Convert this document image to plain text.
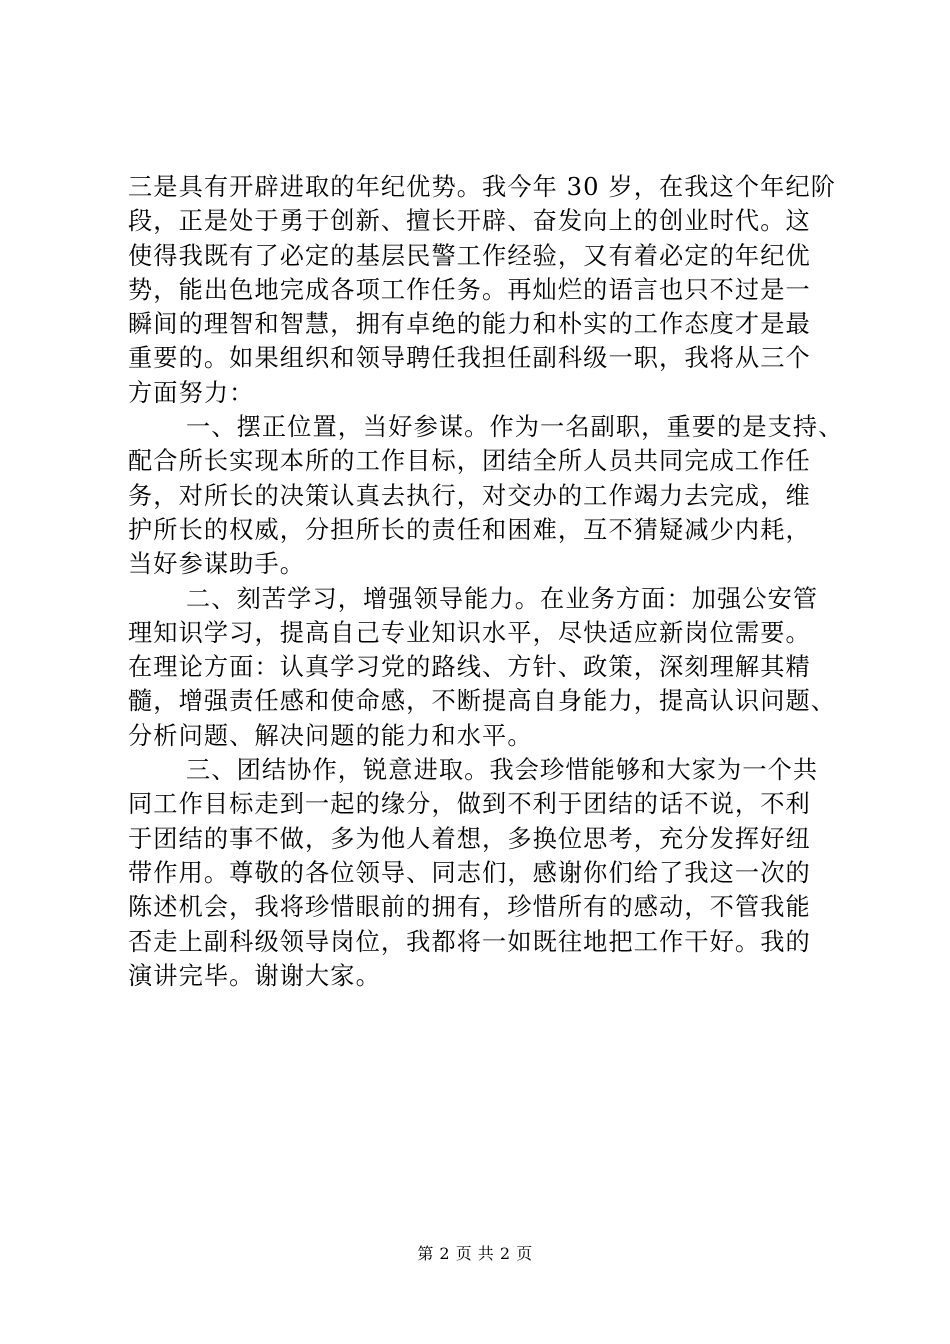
三是具有开辟进取的年纪优势。我今年 30 岁，在我这个年纪阶
段，正是处于勇于创新、擅长开辟、奋发向上的创业时代。这
使得我既有了必定的基层民警工作经验，又有着必定的年纪优
势，能出色地完成各项工作任务。再灿烂的语言也只不过是一
瞬间的理智和智慧，拥有卓绝的能力和朴实的工作态度才是最
重要的。如果组织和领导聘任我担任副科级一职，我将从三个
方面努力：
一、摆正位置，当好参谋。作为一名副职，重要的是支持、
配合所长实现本所的工作目标，团结全所人员共同完成工作任
务，对所长的决策认真去执行，对交办的工作竭力去完成，维
护所长的权威，分担所长的责任和困难，互不猜疑减少内耗，
当好参谋助手。
二、刻苦学习，增强领导能力。在业务方面：加强公安管
理知识学习，提高自己专业知识水平，尽快适应新岗位需要。
在理论方面：认真学习党的路线、方针、政策，深刻理解其精
髓，增强责任感和使命感，不断提高自身能力，提高认识问题、
分析问题、解决问题的能力和水平。
三、团结协作，锐意进取。我会珍惜能够和大家为一个共
同工作目标走到一起的缘分，做到不利于团结的话不说，不利
于团结的事不做，多为他人着想，多换位思考，充分发挥好纽
带作用。尊敬的各位领导、同志们，感谢你们给了我这一次的
陈述机会，我将珍惜眼前的拥有，珍惜所有的感动，不管我能
否走上副科级领导岗位，我都将一如既往地把工作干好。我的
演讲完毕。谢谢大家。
第 2 页 共 2 页
